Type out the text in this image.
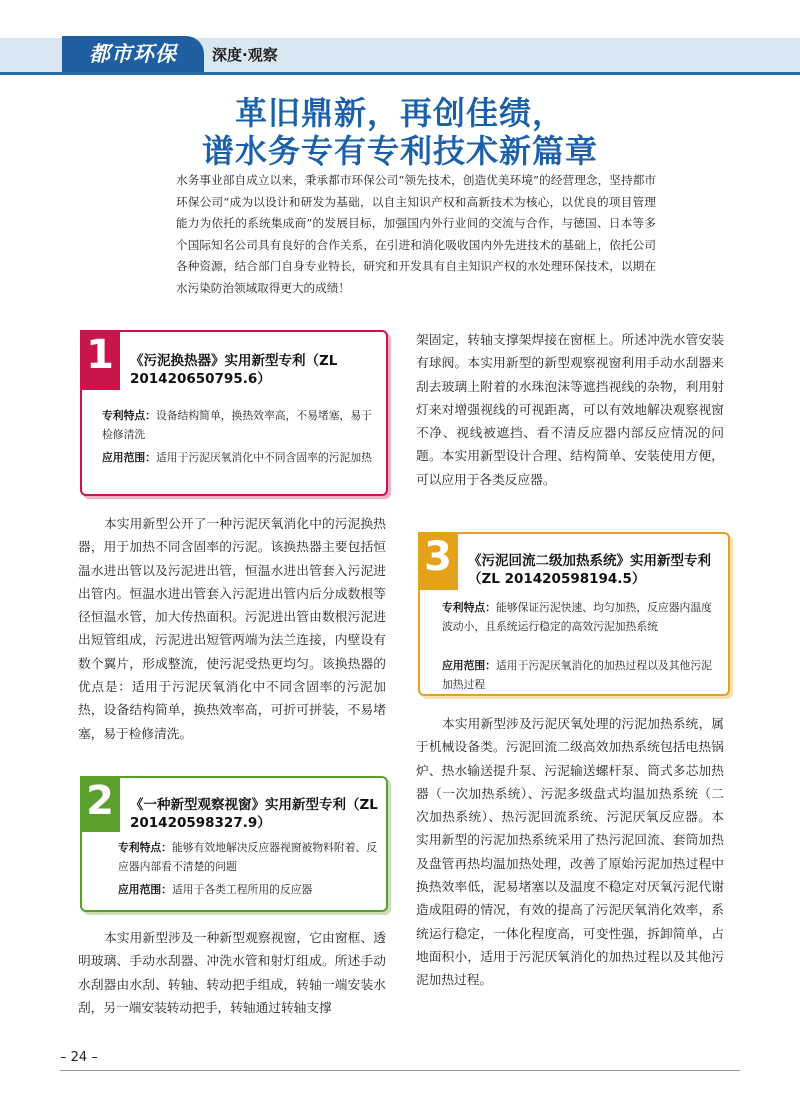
都市环保	深度·观察
革旧鼎新，再创佳绩，
谱水务专有专利技术新篇章
水务事业部自成立以来，秉承都市环保公司“领先技术，创造优美环境”的经营理念，坚持都市环保公司“成为以设计和研发为基础，以自主知识产权和高新技术为核心，以优良的项目管理能力为依托的系统集成商”的发展目标，加强国内外行业间的交流与合作，与德国、日本等多个国际知名公司具有良好的合作关系，在引进和消化吸收国内外先进技术的基础上，依托公司各种资源，结合部门自身专业特长，研究和开发具有自主知识产权的水处理环保技术，以期在水污染防治领域取得更大的成绩！
1	《污泥换热器》实用新型专利（ZL 201420650795.6）
专利特点：设备结构简单，换热效率高，不易堵塞，易于检修清洗
应用范围：适用于污泥厌氧消化中不同含固率的污泥加热
本实用新型公开了一种污泥厌氧消化中的污泥换热器，用于加热不同含固率的污泥。该换热器主要包括恒温水进出管以及污泥进出管，恒温水进出管套入污泥进出管内。恒温水进出管套入污泥进出管内后分成数根等径恒温水管，加大传热面积。污泥进出管由数根污泥进出短管组成，污泥进出短管两端为法兰连接，内壁设有数个翼片，形成整流，使污泥受热更均匀。该换热器的优点是：适用于污泥厌氧消化中不同含固率的污泥加热，设备结构简单，换热效率高，可折可拼装，不易堵塞，易于检修清洗。
2	《一种新型观察视窗》实用新型专利（ZL 201420598327.9）
专利特点：能够有效地解决反应器视窗被物料附着、反应器内部看不清楚的问题
应用范围：适用于各类工程所用的反应器
本实用新型涉及一种新型观察视窗，它由窗框、透明玻璃、手动水刮器、冲洗水管和射灯组成。所述手动水刮器由水刮、转轴、转动把手组成，转轴一端安装水刮，另一端安装转动把手，转轴通过转轴支撑
架固定，转轴支撑架焊接在窗框上。所述冲洗水管安装有球阀。本实用新型的新型观察视窗利用手动水刮器来刮去玻璃上附着的水珠泡沫等遮挡视线的杂物，利用射灯来对增强视线的可视距离，可以有效地解决观察视窗不净、视线被遮挡、看不清反应器内部反应情况的问题。本实用新型设计合理、结构简单、安装使用方便，可以应用于各类反应器。
3	《污泥回流二级加热系统》实用新型专利（ZL 201420598194.5）
专利特点：能够保证污泥快速、均匀加热，反应器内温度波动小，且系统运行稳定的高效污泥加热系统
应用范围：适用于污泥厌氧消化的加热过程以及其他污泥加热过程
本实用新型涉及污泥厌氧处理的污泥加热系统，属于机械设备类。污泥回流二级高效加热系统包括电热锅炉、热水输送提升泵、污泥输送螺杆泵、筒式多芯加热器（一次加热系统）、污泥多级盘式均温加热系统（二次加热系统）、热污泥回流系统、污泥厌氧反应器。本实用新型的污泥加热系统采用了热污泥回流、套筒加热及盘管再热均温加热处理，改善了原始污泥加热过程中换热效率低，泥易堵塞以及温度不稳定对厌氧污泥代谢造成阻碍的情况，有效的提高了污泥厌氧消化效率，系统运行稳定，一体化程度高，可变性强，拆卸简单，占地面积小，适用于污泥厌氧消化的加热过程以及其他污泥加热过程。
– 24 –
